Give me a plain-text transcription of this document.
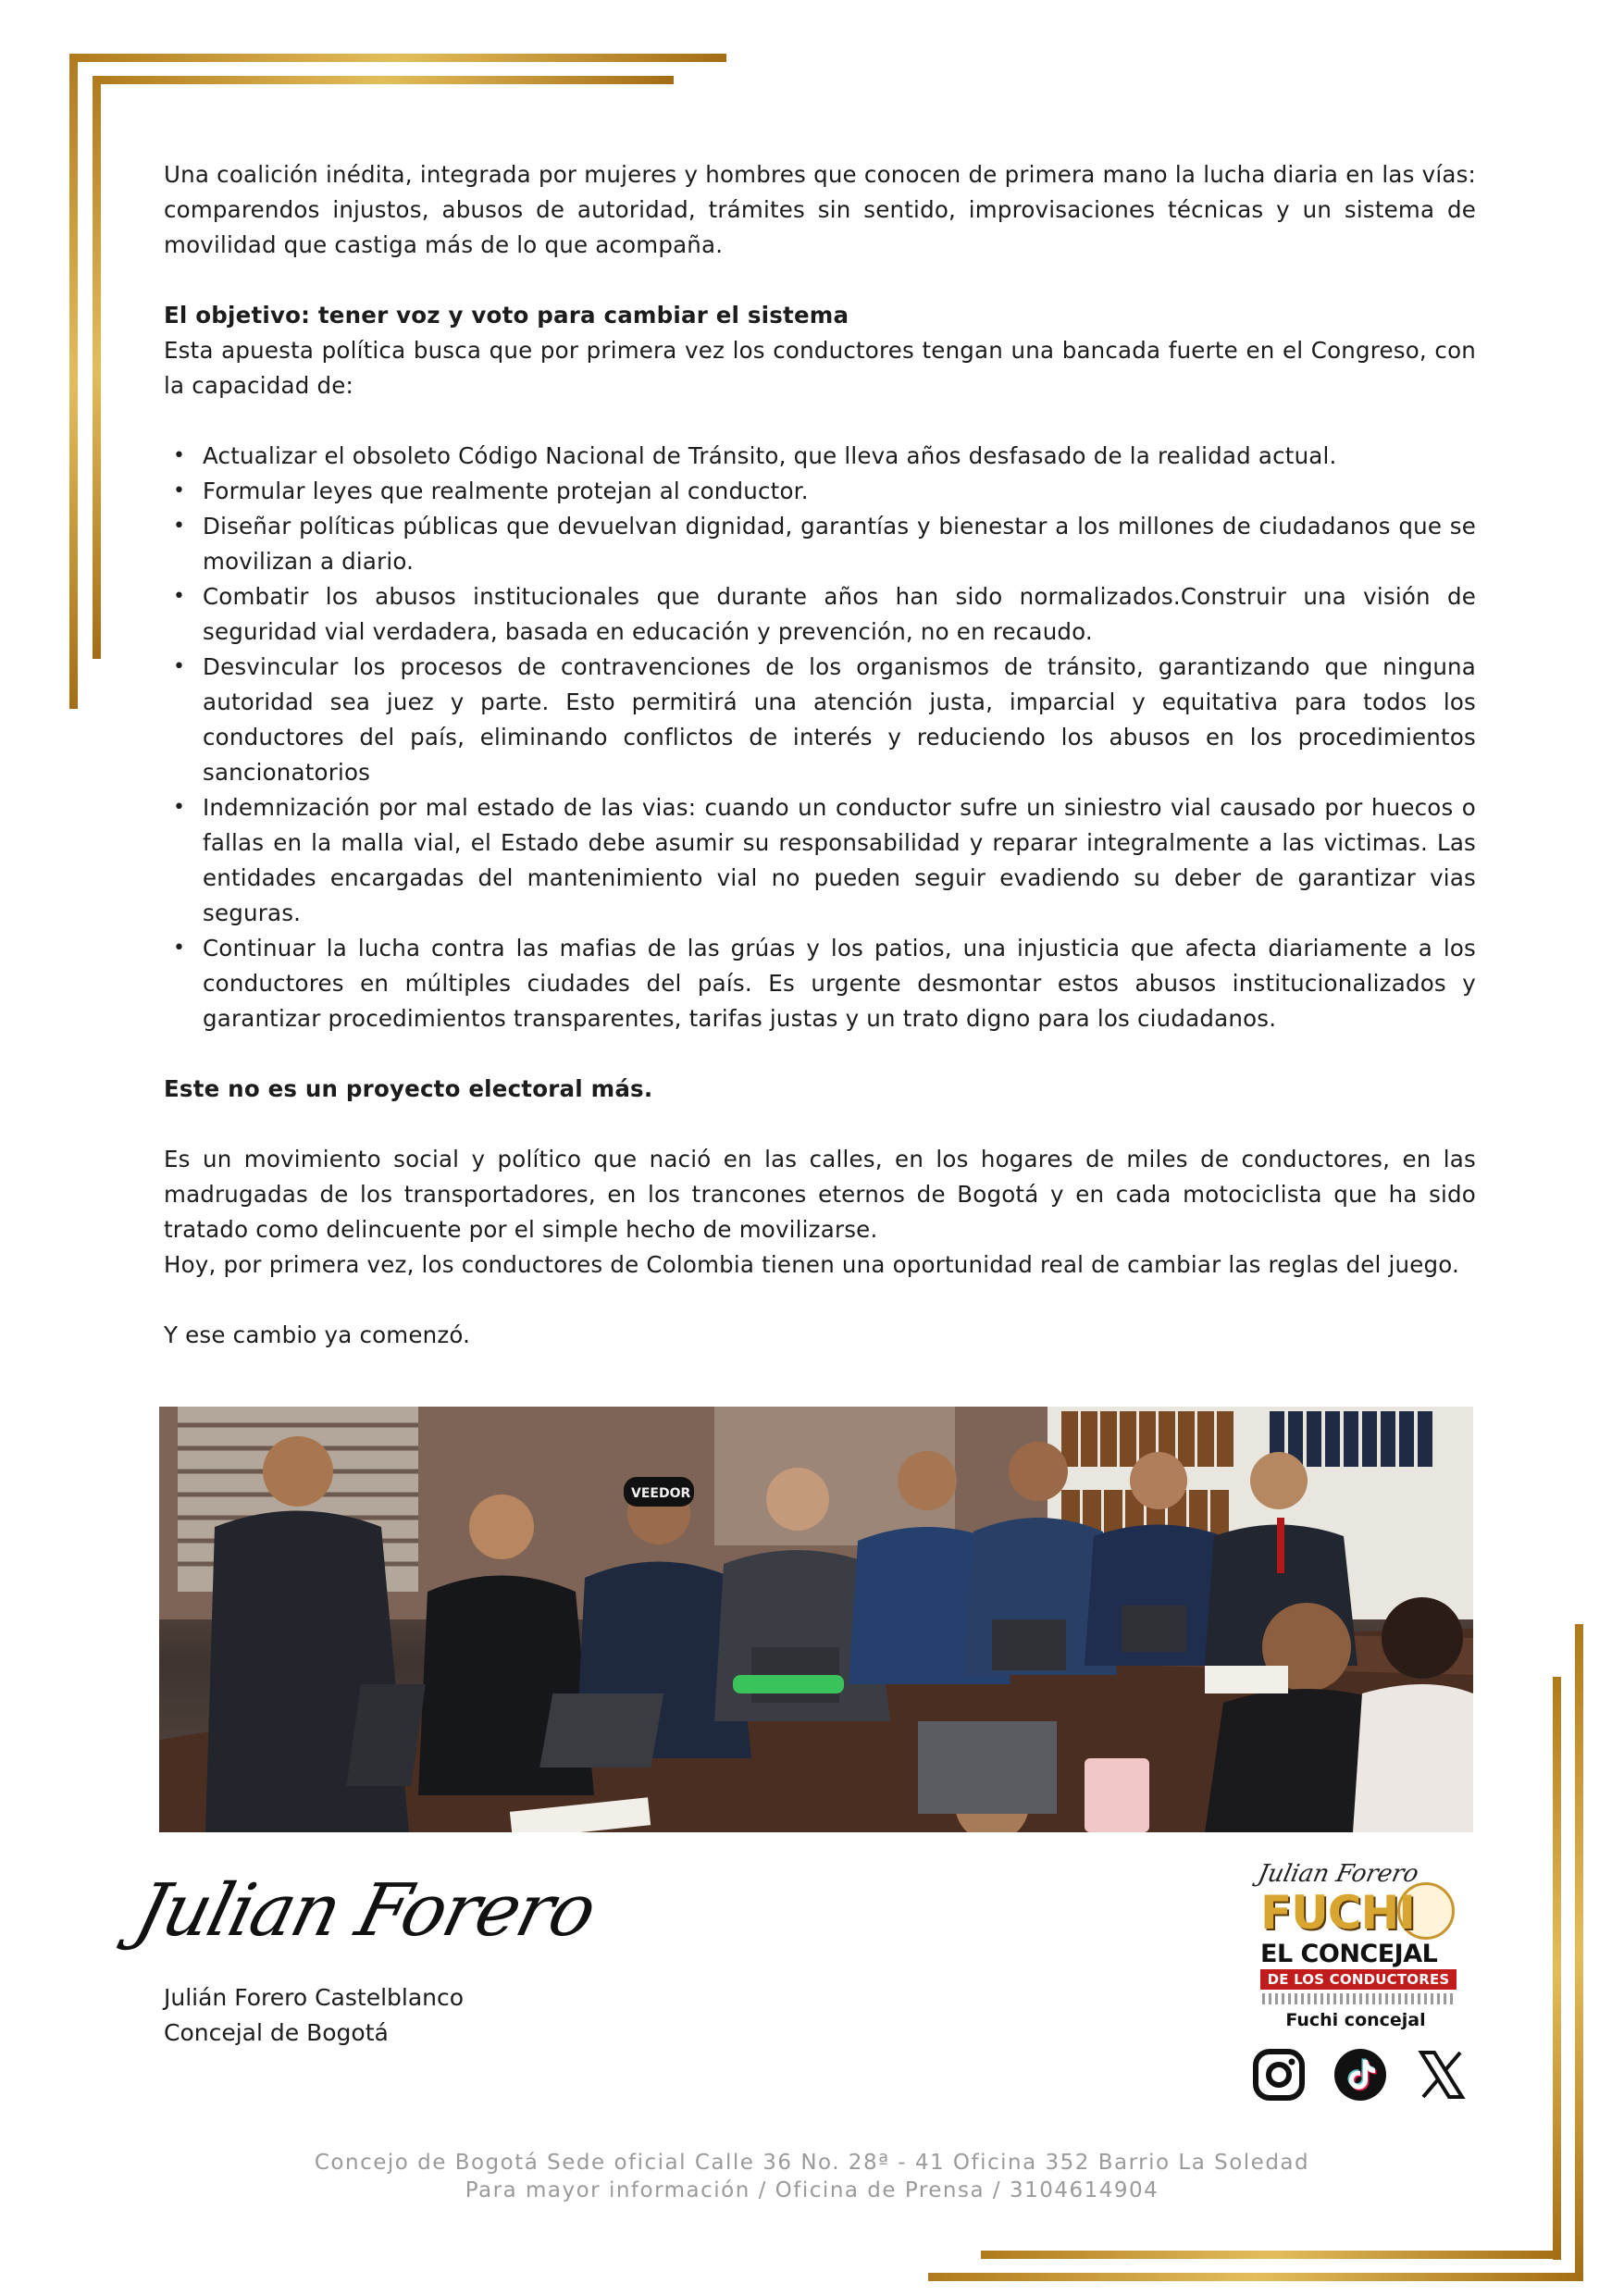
Una coalición inédita, integrada por mujeres y hombres que conocen de primera mano la lucha diaria en las vías: comparendos injustos, abusos de autoridad, trámites sin sentido, improvisaciones técnicas y un sistema de movilidad que castiga más de lo que acompaña.

El objetivo: tener voz y voto para cambiar el sistema

Esta apuesta política busca que por primera vez los conductores tengan una bancada fuerte en el Congreso, con la capacidad de:

• Actualizar el obsoleto Código Nacional de Tránsito, que lleva años desfasado de la realidad actual.
• Formular leyes que realmente protejan al conductor.
• Diseñar políticas públicas que devuelvan dignidad, garantías y bienestar a los millones de ciudadanos que se movilizan a diario.
• Combatir los abusos institucionales que durante años han sido normalizados.Construir una visión de seguridad vial verdadera, basada en educación y prevención, no en recaudo.
• Desvincular los procesos de contravenciones de los organismos de tránsito, garantizando que ninguna autoridad sea juez y parte. Esto permitirá una atención justa, imparcial y equitativa para todos los conductores del país, eliminando conflictos de interés y reduciendo los abusos en los procedimientos sancionatorios
• Indemnización por mal estado de las vias: cuando un conductor sufre un siniestro vial causado por huecos o fallas en la malla vial, el Estado debe asumir su responsabilidad y reparar integralmente a las victimas. Las entidades encargadas del mantenimiento vial no pueden seguir evadiendo su deber de garantizar vias seguras.
• Continuar la lucha contra las mafias de las grúas y los patios, una injusticia que afecta diariamente a los conductores en múltiples ciudades del país. Es urgente desmontar estos abusos institucionalizados y garantizar procedimientos transparentes, tarifas justas y un trato digno para los ciudadanos.

Este no es un proyecto electoral más.

Es un movimiento social y político que nació en las calles, en los hogares de miles de conductores, en las madrugadas de los transportadores, en los trancones eternos de Bogotá y en cada motociclista que ha sido tratado como delincuente por el simple hecho de movilizarse.

Hoy, por primera vez, los conductores de Colombia tienen una oportunidad real de cambiar las reglas del juego.

Y ese cambio ya comenzó.

VEEDOR
Julian Forero
Julián Forero Castelblanco
Concejal de Bogotá
Julian Forero
FUCHI
EL CONCEJAL
DE LOS CONDUCTORES
Fuchi concejal
Concejo de Bogotá Sede oficial Calle 36 No. 28ª - 41 Oficina 352 Barrio La Soledad
Para mayor información / Oficina de Prensa / 3104614904
